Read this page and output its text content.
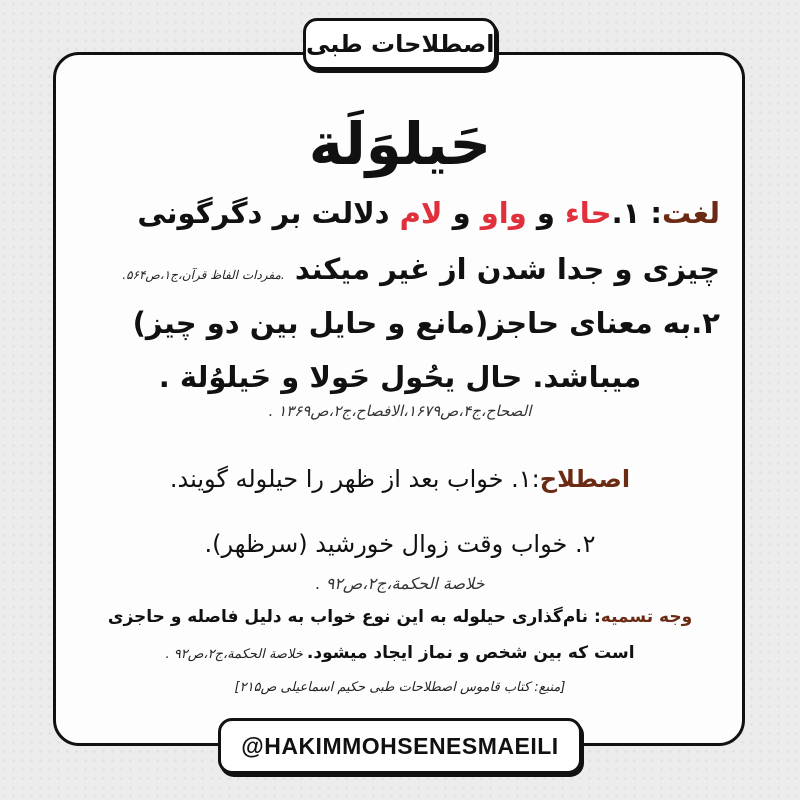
اصطلاحات طبی
حَیلوَلَة
لغت: ۱.حاء و واو و لام دلالت بر دگرگونی
چیزی و جدا شدن از غیر میکند .مفردات الفاظ قرآن،ج۱،ص۵۶۴.
۲.به معنای حاجز(مانع و حایل بین دو چیز)
میباشد. حال یحُول حَولا و حَیلوُلة .
الصحاح،ج۴،ص۱۶۷۹،الافصاح،ج۲،ص۱۳۶۹ .
اصطلاح:۱. خواب بعد از ظهر را حیلوله گویند.
۲. خواب وقت زوال خورشید (سرظهر).
خلاصة الحکمة،ج۲،ص۹۲ .
وجه تسمیه: نام‌گذاری حیلوله به این نوع خواب به دلیل فاصله و حاجزی
است که بین شخص و نماز ایجاد میشود. خلاصة الحکمة،ج۲،ص۹۲ .
[منبع: کتاب قاموس اصطلاحات طبی حکیم اسماعیلی ص۲۱۵]
@HAKIMMOHSENESMAEILI
